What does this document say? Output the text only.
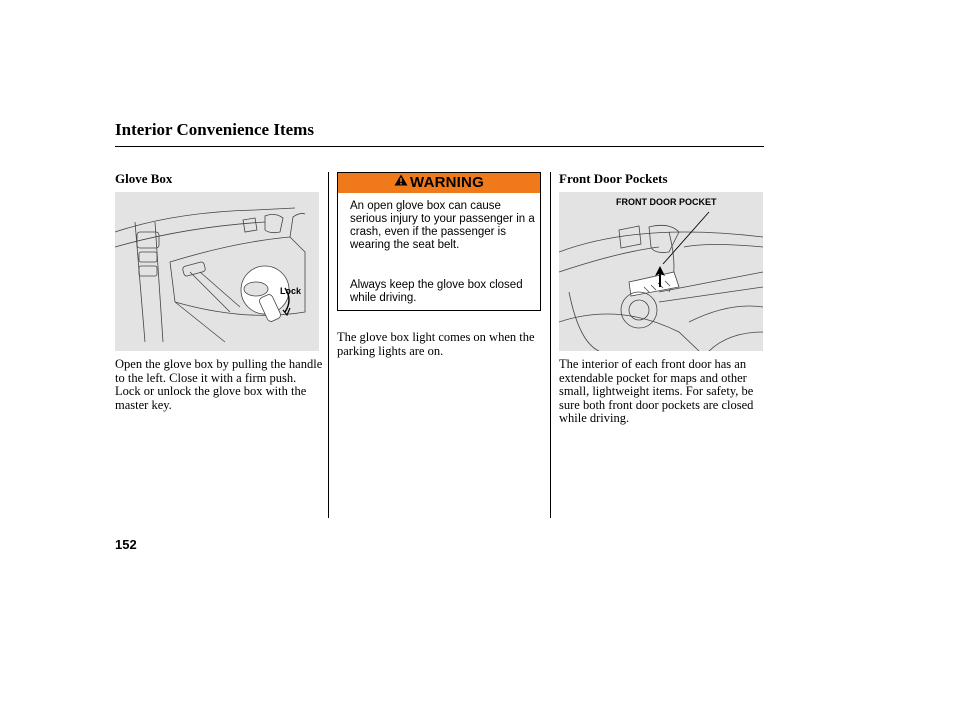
Interior Convenience Items
Glove Box
Lock
Open the glove box by pulling the handle to the left. Close it with a firm push. Lock or unlock the glove box with the master key.
WARNING
An open glove box can cause serious injury to your passenger in a crash, even if the passenger is wearing the seat belt.
Always keep the glove box closed while driving.
The glove box light comes on when the parking lights are on.
Front Door Pockets
FRONT DOOR POCKET
The interior of each front door has an extendable pocket for maps and other small, lightweight items. For safety, be sure both front door pockets are closed while driving.
152
